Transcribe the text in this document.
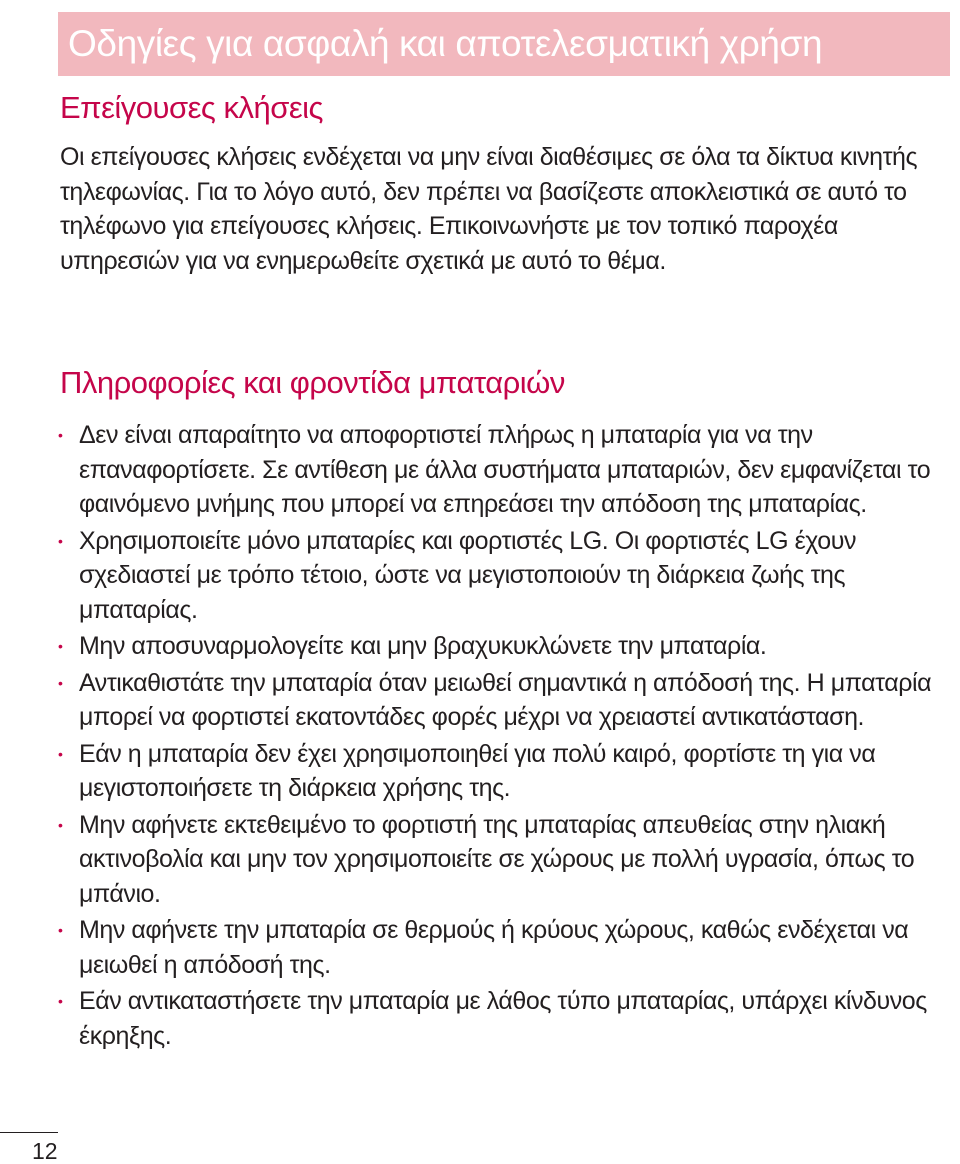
Οδηγίες για ασφαλή και αποτελεσματική χρήση
Επείγουσες κλήσεις

Οι επείγουσες κλήσεις ενδέχεται να μην είναι διαθέσιμες σε όλα τα δίκτυα κινητής τηλεφωνίας. Για το λόγο αυτό, δεν πρέπει να βασίζεστε αποκλειστικά σε αυτό το τηλέφωνο για επείγουσες κλήσεις. Επικοινωνήστε με τον τοπικό παροχέα υπηρεσιών για να ενημερωθείτε σχετικά με αυτό το θέμα.

Πληροφορίες και φροντίδα μπαταριών
• Δεν είναι απαραίτητο να αποφορτιστεί πλήρως η μπαταρία για να την επαναφορτίσετε. Σε αντίθεση με άλλα συστήματα μπαταριών, δεν εμφανίζεται το φαινόμενο μνήμης που μπορεί να επηρεάσει την απόδοση της μπαταρίας.
• Χρησιμοποιείτε μόνο μπαταρίες και φορτιστές LG. Οι φορτιστές LG έχουν σχεδιαστεί με τρόπο τέτοιο, ώστε να μεγιστοποιούν τη διάρκεια ζωής της μπαταρίας.
• Μην αποσυναρμολογείτε και μην βραχυκυκλώνετε την μπαταρία.
• Αντικαθιστάτε την μπαταρία όταν μειωθεί σημαντικά η απόδοσή της. Η μπαταρία μπορεί να φορτιστεί εκατοντάδες φορές μέχρι να χρειαστεί αντικατάσταση.
• Εάν η μπαταρία δεν έχει χρησιμοποιηθεί για πολύ καιρό, φορτίστε τη για να μεγιστοποιήσετε τη διάρκεια χρήσης της.
• Μην αφήνετε εκτεθειμένο το φορτιστή της μπαταρίας απευθείας στην ηλιακή ακτινοβολία και μην τον χρησιμοποιείτε σε χώρους με πολλή υγρασία, όπως το μπάνιο.
• Μην αφήνετε την μπαταρία σε θερμούς ή κρύους χώρους, καθώς ενδέχεται να μειωθεί η απόδοσή της.
• Εάν αντικαταστήσετε την μπαταρία με λάθος τύπο μπαταρίας, υπάρχει κίνδυνος έκρηξης.
12
